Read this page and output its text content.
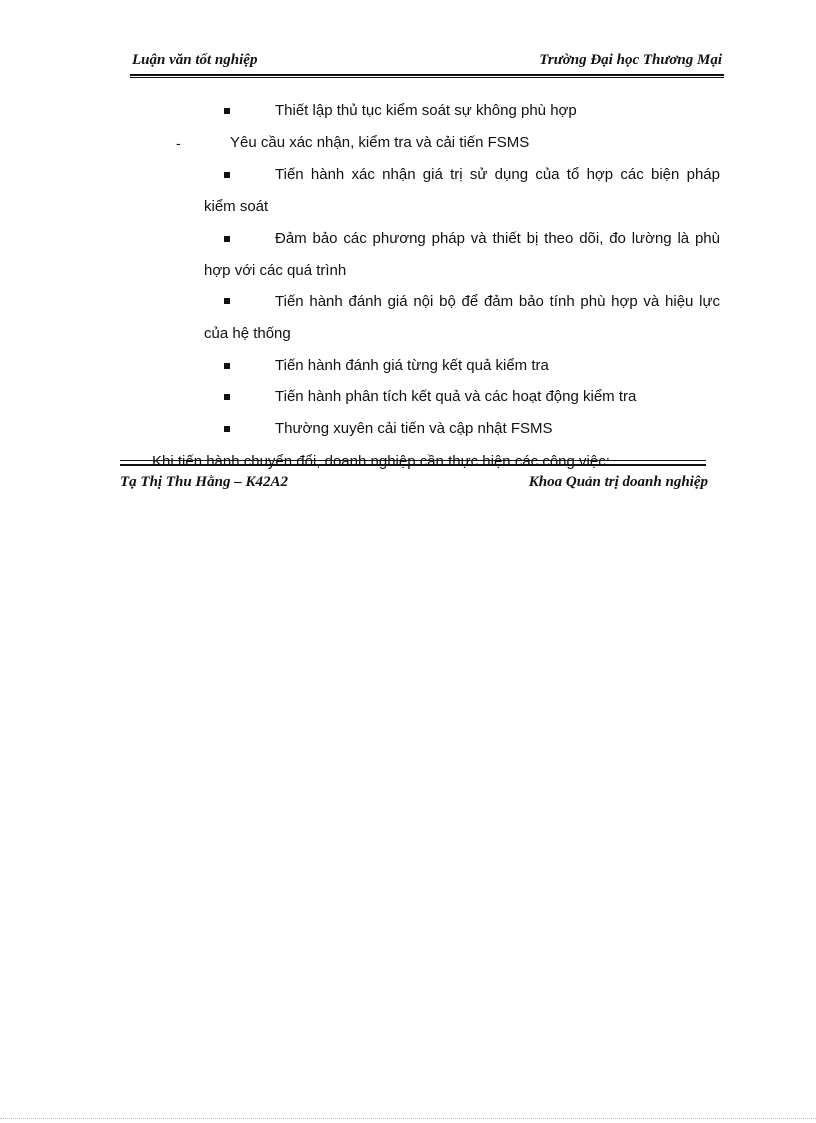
Luận văn tốt nghiệp	Trường Đại học Thương Mại
Thiết lập thủ tục kiểm soát sự không phù hợp
-	Yêu cầu xác nhận, kiểm tra và cải tiến FSMS
Tiến hành xác nhận giá trị sử dụng của tổ hợp các biện pháp
kiểm soát
Đảm bảo các phương pháp và thiết bị theo dõi, đo lường là phù
hợp với các quá trình
Tiến hành đánh giá nội bộ để đảm bảo tính phù hợp và hiệu lực
của hệ thống
Tiến hành đánh giá từng kết quả kiểm tra
Tiến hành phân tích kết quả và các hoạt động kiểm tra
Thường xuyên cải tiến và cập nhật FSMS
Khi tiến hành chuyển đổi, doanh nghiệp cần thực hiện các công việc:
Tạ Thị Thu Hằng – K42A2	Khoa Quản trị doanh nghiệp
